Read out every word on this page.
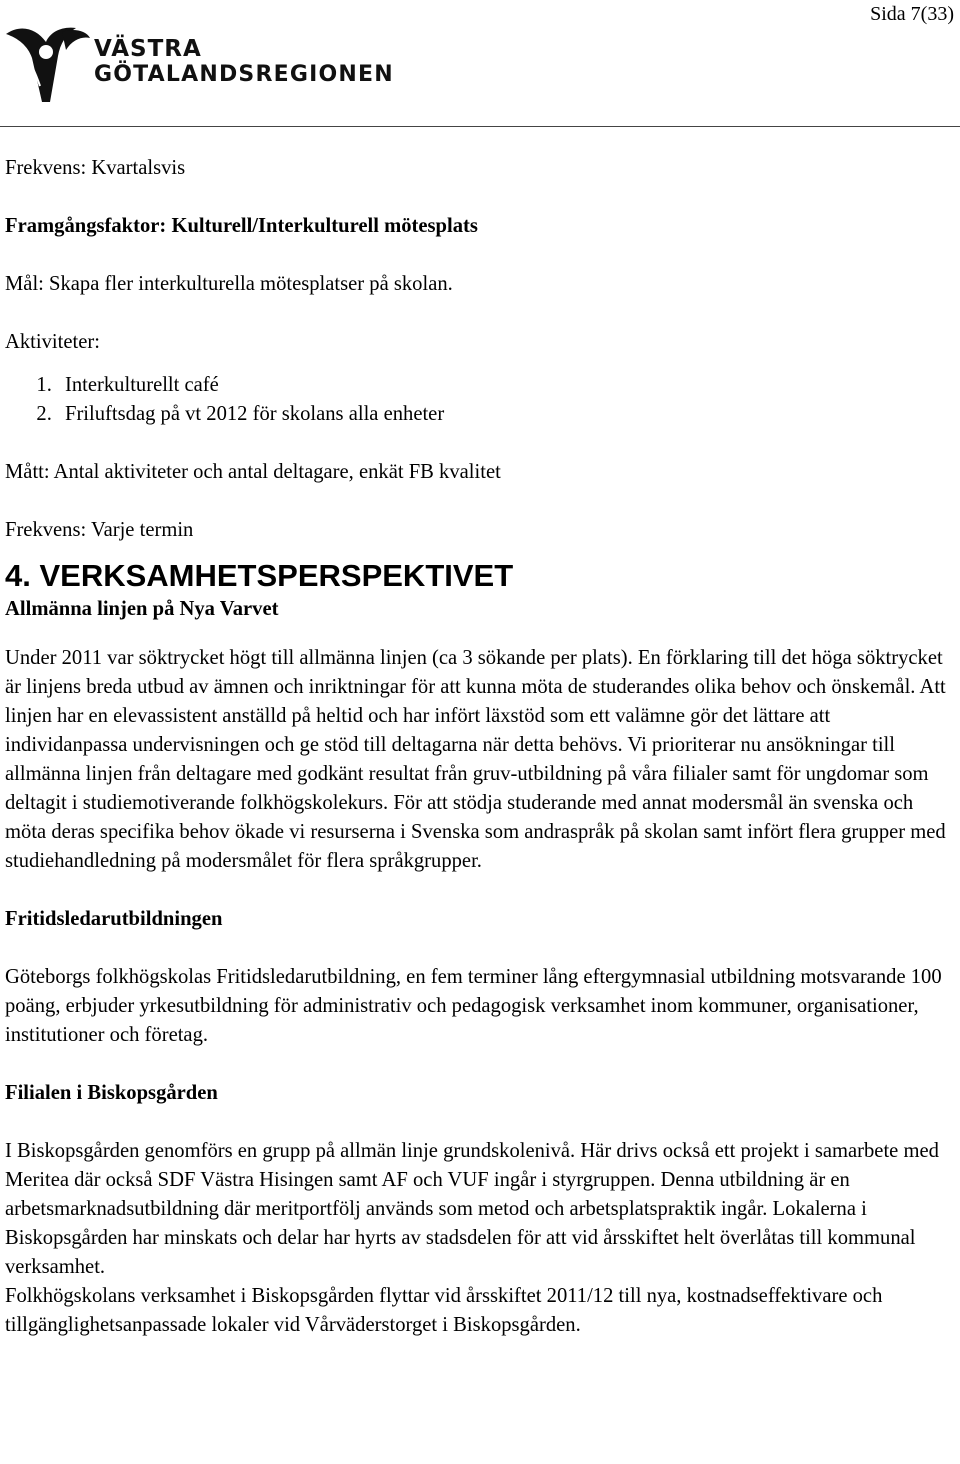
Sida 7(33)
VÄSTRA
GÖTALANDSREGIONEN

Frekvens: Kvartalsvis

Framgångsfaktor: Kulturell/Interkulturell mötesplats

Mål: Skapa fler interkulturella mötesplatser på skolan.

Aktiviteter:

1. Interkulturellt café
2. Friluftsdag på vt 2012 för skolans alla enheter

Mått: Antal aktiviteter och antal deltagare, enkät FB kvalitet

Frekvens: Varje termin

4. VERKSAMHETSPERSPEKTIVET

Allmänna linjen på Nya Varvet

Under 2011 var söktrycket högt till allmänna linjen (ca 3 sökande per plats). En förklaring till det höga söktrycket är linjens breda utbud av ämnen och inriktningar för att kunna möta de studerandes olika behov och önskemål. Att linjen har en elevassistent anställd på heltid och har infört läxstöd som ett valämne gör det lättare att individanpassa undervisningen och ge stöd till deltagarna när detta behövs. Vi prioriterar nu ansökningar till allmänna linjen från deltagare med godkänt resultat från gruv-utbildning på våra filialer samt för ungdomar som deltagit i studiemotiverande folkhögskolekurs. För att stödja studerande med annat modersmål än svenska och möta deras specifika behov ökade vi resurserna i Svenska som andraspråk på skolan samt infört flera grupper med studiehandledning på modersmålet för flera språkgrupper.

Fritidsledarutbildningen

Göteborgs folkhögskolas Fritidsledarutbildning, en fem terminer lång eftergymnasial utbildning motsvarande 100 poäng, erbjuder yrkesutbildning för administrativ och pedagogisk verksamhet inom kommuner, organisationer, institutioner och företag.

Filialen i Biskopsgården

I Biskopsgården genomförs en grupp på allmän linje grundskolenivå. Här drivs också ett projekt i samarbete med Meritea där också SDF Västra Hisingen samt AF och VUF ingår i styrgruppen. Denna utbildning är en arbetsmarknadsutbildning där meritportfölj används som metod och arbetsplatspraktik ingår. Lokalerna i Biskopsgården har minskats och delar har hyrts av stadsdelen för att vid årsskiftet helt överlåtas till kommunal verksamhet.

Folkhögskolans verksamhet i Biskopsgården flyttar vid årsskiftet 2011/12 till nya, kostnadseffektivare och tillgänglighetsanpassade lokaler vid Vårväderstorget i Biskopsgården.
